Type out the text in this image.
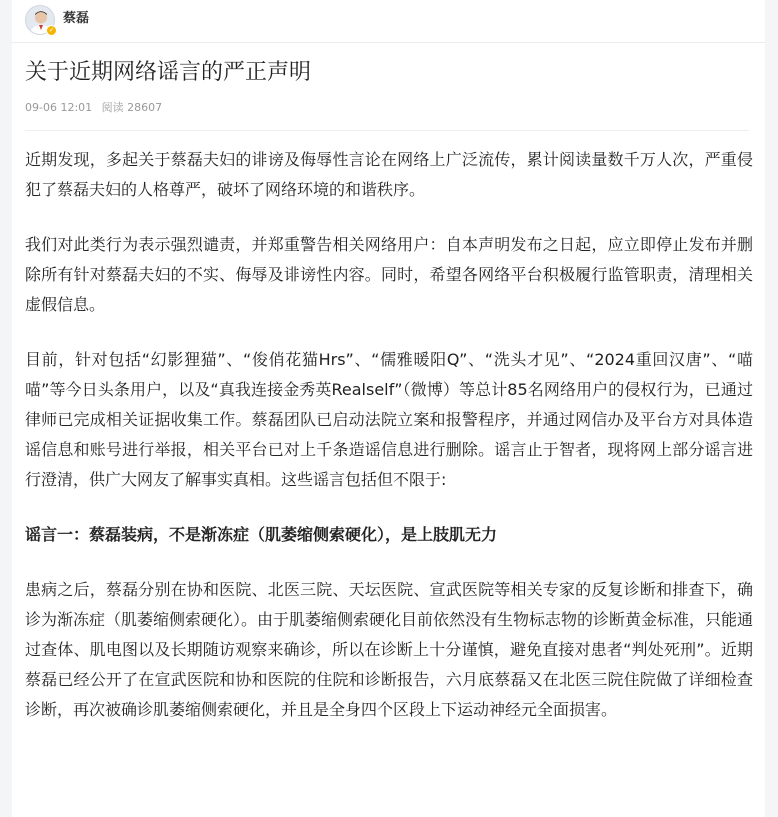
✓
蔡磊
关于近期网络谣言的严正声明
09-06 12:01 阅读 28607

近期发现，多起关于蔡磊夫妇的诽谤及侮辱性言论在网络上广泛流传，累计阅读量数千万人次，严重侵犯了蔡磊夫妇的人格尊严，破坏了网络环境的和谐秩序。

我们对此类行为表示强烈谴责，并郑重警告相关网络用户：自本声明发布之日起，应立即停止发布并删除所有针对蔡磊夫妇的不实、侮辱及诽谤性内容。同时，希望各网络平台积极履行监管职责，清理相关虚假信息。

目前，针对包括“幻影狸猫”、“俊俏花猫Hrs”、“儒雅暖阳Q”、“洗头才见”、“2024重回汉唐”、“喵喵”等今日头条用户，以及“真我连接金秀英Realself”（微博）等总计85名网络用户的侵权行为，已通过律师已完成相关证据收集工作。蔡磊团队已启动法院立案和报警程序，并通过网信办及平台方对具体造谣信息和账号进行举报，相关平台已对上千条造谣信息进行删除。谣言止于智者，现将网上部分谣言进行澄清，供广大网友了解事实真相。这些谣言包括但不限于:

谣言一：蔡磊装病，不是渐冻症（肌萎缩侧索硬化），是上肢肌无力

患病之后，蔡磊分别在协和医院、北医三院、天坛医院、宣武医院等相关专家的反复诊断和排查下，确诊为渐冻症（肌萎缩侧索硬化）。由于肌萎缩侧索硬化目前依然没有生物标志物的诊断黄金标准，只能通过查体、肌电图以及长期随访观察来确诊，所以在诊断上十分谨慎，避免直接对患者“判处死刑”。近期蔡磊已经公开了在宣武医院和协和医院的住院和诊断报告，六月底蔡磊又在北医三院住院做了详细检查诊断，再次被确诊肌萎缩侧索硬化，并且是全身四个区段上下运动神经元全面损害。
